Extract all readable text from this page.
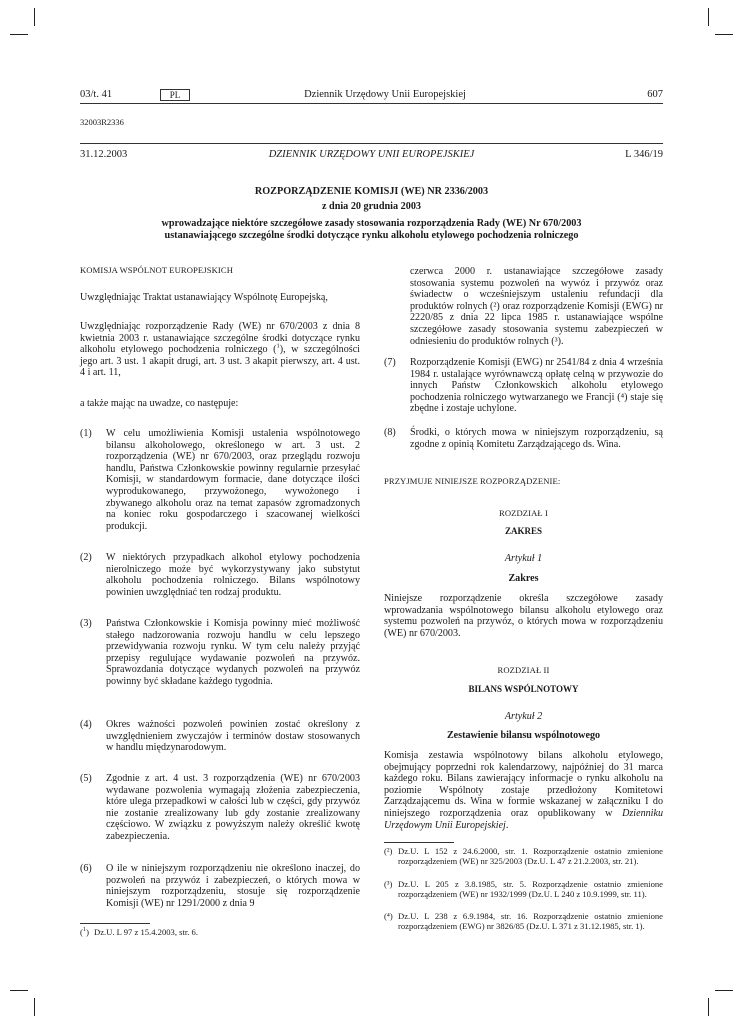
03/t. 41	PL	Dziennik Urzędowy Unii Europejskiej	607
32003R2336
31.12.2003	DZIENNIK URZĘDOWY UNII EUROPEJSKIEJ	L 346/19
ROZPORZĄDZENIE KOMISJI (WE) NR 2336/2003
z dnia 20 grudnia 2003
wprowadzające niektóre szczegółowe zasady stosowania rozporządzenia Rady (WE) Nr 670/2003
ustanawiającego szczególne środki dotyczące rynku alkoholu etylowego pochodzenia rolniczego
KOMISJA WSPÓLNOT EUROPEJSKICH
Uwzględniając Traktat ustanawiający Wspólnotę Europejską,
Uwzględniając rozporządzenie Rady (WE) nr 670/2003 z dnia 8 kwietnia 2003 r. ustanawiające szczególne środki dotyczące rynku alkoholu etylowego pochodzenia rolniczego ($^1$), w szczególności jego art. 3 ust. 1 akapit drugi, art. 3 ust. 3 akapit pierwszy, art. 4 ust. 4 i art. 11,
a także mając na uwadze, co następuje:
(1) W celu umożliwienia Komisji ustalenia wspólnotowego bilansu alkoholowego, określonego w art. 3 ust. 2 rozporządzenia (WE) nr 670/2003, oraz przeglądu rozwoju handlu, Państwa Członkowskie powinny regularnie przesyłać Komisji, w standardowym formacie, dane dotyczące ilości wyprodukowanego, przywożonego, wywożonego i zbywanego alkoholu oraz na temat zapasów zgromadzonych na koniec roku gospodarczego i szacowanej wielkości produkcji.
(2) W niektórych przypadkach alkohol etylowy pochodzenia nierolniczego może być wykorzystywany jako substytut alkoholu pochodzenia rolniczego. Bilans wspólnotowy powinien uwzględniać ten rodzaj produktu.
(3) Państwa Członkowskie i Komisja powinny mieć możliwość stałego nadzorowania rozwoju handlu w celu lepszego przewidywania rozwoju rynku. W tym celu należy przyjąć przepisy regulujące wydawanie pozwoleń na przywóz. Sprawozdania dotyczące wydanych pozwoleń na przywóz powinny być składane każdego tygodnia.
(4) Okres ważności pozwoleń powinien zostać określony z uwzględnieniem zwyczajów i terminów dostaw stosowanych w handlu międzynarodowym.
(5) Zgodnie z art. 4 ust. 3 rozporządzenia (WE) nr 670/2003 wydawane pozwolenia wymagają złożenia zabezpieczenia, które ulega przepadkowi w całości lub w części, gdy przywóz nie zostanie zrealizowany lub gdy zostanie zrealizowany częściowo. W związku z powyższym należy określić kwotę zabezpieczenia.
(6) O ile w niniejszym rozporządzeniu nie określono inaczej, do pozwoleń na przywóz i zabezpieczeń, o których mowa w niniejszym rozporządzeniu, stosuje się rozporządzenie Komisji (WE) nr 1291/2000 z dnia 9
($^1$) Dz.U. L 97 z 15.4.2003, str. 6.
czerwca 2000 r. ustanawiające szczegółowe zasady stosowania systemu pozwoleń na wywóz i przywóz oraz świadectw o wcześniejszym ustaleniu refundacji dla produktów rolnych (²) oraz rozporządzenie Komisji (EWG) nr 2220/85 z dnia 22 lipca 1985 r. ustanawiające wspólne szczegółowe zasady stosowania systemu zabezpieczeń w odniesieniu do produktów rolnych (³).
(7) Rozporządzenie Komisji (EWG) nr 2541/84 z dnia 4 września 1984 r. ustalające wyrównawczą opłatę celną w przywozie do innych Państw Członkowskich alkoholu etylowego pochodzenia rolniczego wytwarzanego we Francji (⁴) staje się zbędne i zostaje uchylone.
(8) Środki, o których mowa w niniejszym rozporządzeniu, są zgodne z opinią Komitetu Zarządzającego ds. Wina.
PRZYJMUJE NINIEJSZE ROZPORZĄDZENIE:
ROZDZIAŁ I
ZAKRES
Artykuł 1
Zakres
Niniejsze rozporządzenie określa szczegółowe zasady wprowadzania wspólnotowego bilansu alkoholu etylowego oraz systemu pozwoleń na przywóz, o których mowa w rozporządzeniu (WE) nr 670/2003.
ROZDZIAŁ II
BILANS WSPÓLNOTOWY
Artykuł 2
Zestawienie bilansu wspólnotowego
Komisja zestawia wspólnotowy bilans alkoholu etylowego, obejmujący poprzedni rok kalendarzowy, najpóźniej do 31 marca każdego roku. Bilans zawierający informacje o rynku alkoholu na poziomie Wspólnoty zostaje przedłożony Komitetowi Zarządzającemu ds. Wina w formie wskazanej w załączniku I do niniejszego rozporządzenia oraz opublikowany w Dzienniku Urzędowym Unii Europejskiej.
(²) Dz.U. L 152 z 24.6.2000, str. 1. Rozporządzenie ostatnio zmienione rozporządzeniem (WE) nr 325/2003 (Dz.U. L 47 z 21.2.2003, str. 21).
(³) Dz.U. L 205 z 3.8.1985, str. 5. Rozporządzenie ostatnio zmienione rozporządzeniem (WE) nr 1932/1999 (Dz.U. L 240 z 10.9.1999, str. 11).
(⁴) Dz.U. L 238 z 6.9.1984, str. 16. Rozporządzenie ostatnio zmienione rozporządzeniem (EWG) nr 3826/85 (Dz.U. L 371 z 31.12.1985, str. 1).
